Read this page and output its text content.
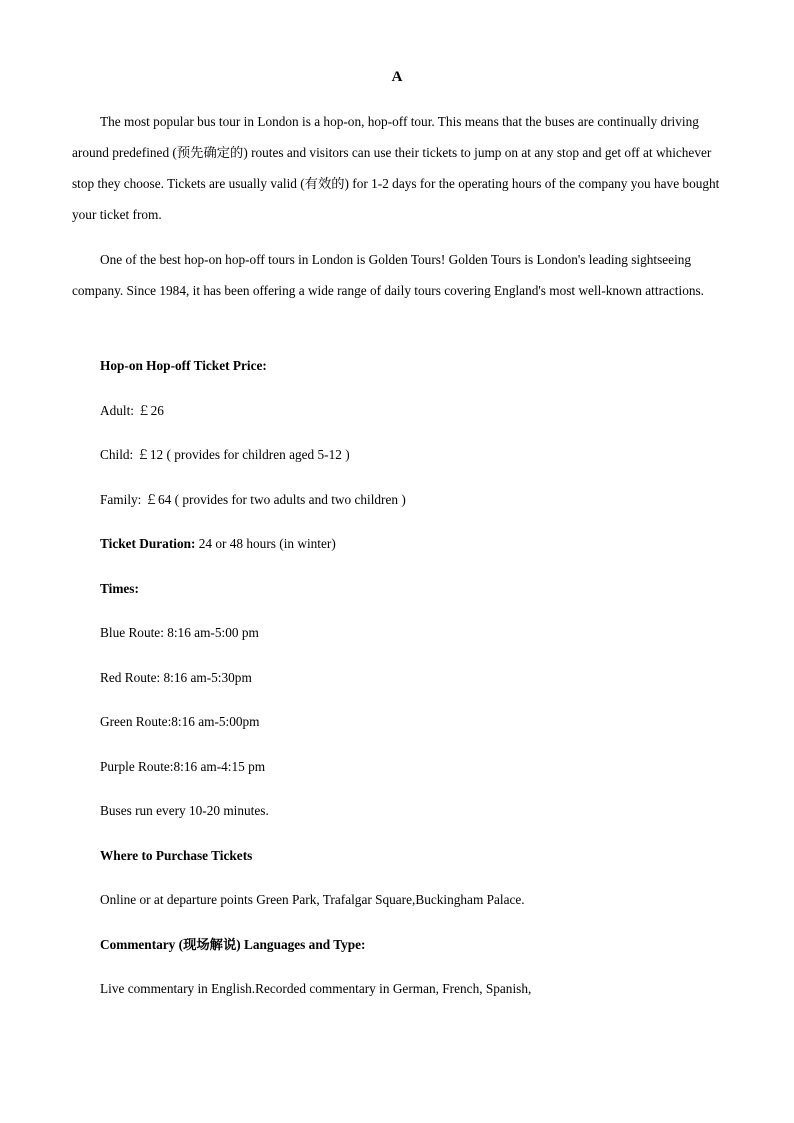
A

The most popular bus tour in London is a hop-on, hop-off tour. This means that the buses are continually driving around predefined (预先确定的) routes and visitors can use their tickets to jump on at any stop and get off at whichever stop they choose. Tickets are usually valid (有效的) for 1-2 days for the operating hours of the company you have bought your ticket from.

One of the best hop-on hop-off tours in London is Golden Tours! Golden Tours is London's leading sightseeing company. Since 1984, it has been offering a wide range of daily tours covering England's most well-known attractions.

Hop-on Hop-off Ticket Price:
Adult: ￡26
Child: ￡12 ( provides for children aged 5-12 )
Family: ￡64 ( provides for two adults and two children )
Ticket Duration: 24 or 48 hours (in winter)
Times:
Blue Route: 8:16 am-5:00 pm
Red Route: 8:16 am-5:30pm
Green Route:8:16 am-5:00pm
Purple Route:8:16 am-4:15 pm
Buses run every 10-20 minutes.
Where to Purchase Tickets
Online or at departure points Green Park, Trafalgar Square,Buckingham Palace.
Commentary (现场解说) Languages and Type:
Live commentary in English.Recorded commentary in German, French, Spanish,
